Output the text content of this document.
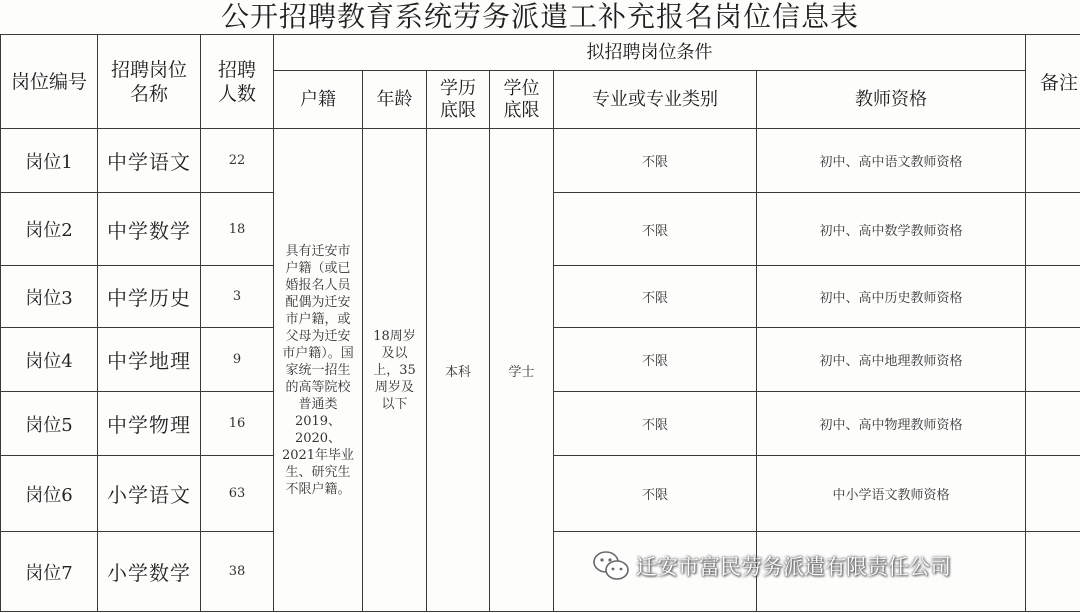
公开招聘教育系统劳务派遣工补充报名岗位信息表
岗位编号	招聘岗位名称	招聘人数	拟招聘岗位条件						备注
			户籍	年龄	学历底限	学位底限	专业或专业类别	教师资格	
岗位1	中学语文	22	具有迁安市户籍（或已婚报名人员配偶为迁安市户籍，或父母为迁安市户籍）。国家统一招生的高等院校普通类2019、2020、2021年毕业生、研究生不限户籍。	18周岁及以上，35周岁及以下	本科	学士	不限	初中、高中语文教师资格	
岗位2	中学数学	18					不限	初中、高中数学教师资格	
岗位3	中学历史	3					不限	初中、高中历史教师资格	
岗位4	中学地理	9					不限	初中、高中地理教师资格	
岗位5	中学物理	16					不限	初中、高中物理教师资格	
岗位6	小学语文	63					不限	中小学语文教师资格	
岗位7	小学数学	38								迁安市富民劳务派遣有限责任公司
